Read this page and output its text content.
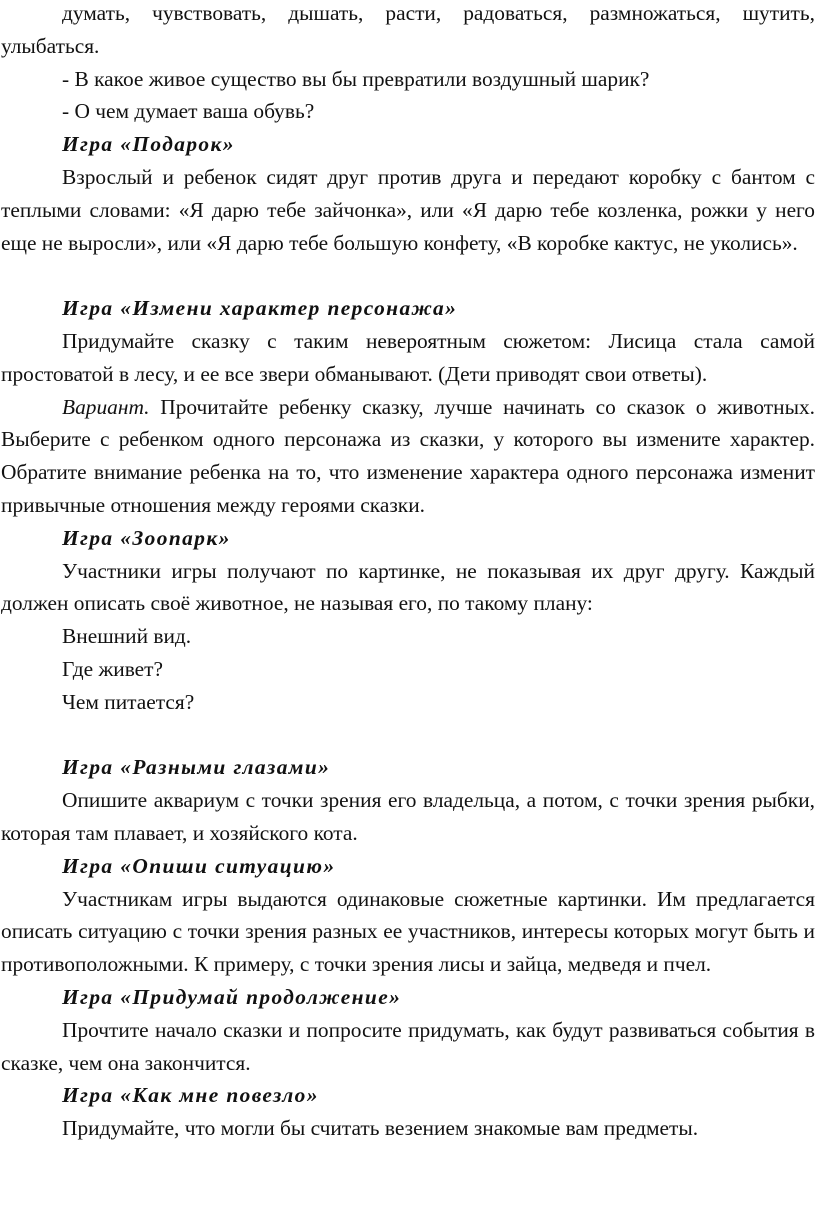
думать, чувствовать, дышать, расти, радоваться, размножаться, шутить, улыбаться.

- В какое живое существо вы бы превратили воздушный шарик?

- О чем думает ваша обувь?

Игра «Подарок»

Взрослый и ребенок сидят друг против друга и передают коробку с бантом с теплыми словами: «Я дарю тебе зайчонка», или «Я дарю тебе козленка, рожки у него еще не выросли», или «Я дарю тебе большую конфету, «В коробке кактус, не уколись».

Игра «Измени характер персонажа»

Придумайте сказку с таким невероятным сюжетом: Лисица стала самой простоватой в лесу, и ее все звери обманывают. (Дети приводят свои ответы).

Вариант. Прочитайте ребенку сказку, лучше начинать со сказок о животных. Выберите с ребенком одного персонажа из сказки, у которого вы измените характер. Обратите внимание ребенка на то, что изменение характера одного персонажа изменит привычные отношения между героями сказки.

Игра «Зоопарк»

Участники игры получают по картинке, не показывая их друг другу. Каждый должен описать своё животное, не называя его, по такому плану:

Внешний вид.

Где живет?

Чем питается?

Игра «Разными глазами»

Опишите аквариум с точки зрения его владельца, а потом, с точки зрения рыбки, которая там плавает, и хозяйского кота.

Игра «Опиши ситуацию»

Участникам игры выдаются одинаковые сюжетные картинки. Им предлагается описать ситуацию с точки зрения разных ее участников, интересы которых могут быть и противоположными. К примеру, с точки зрения лисы и зайца, медведя и пчел.

Игра «Придумай продолжение»

Прочтите начало сказки и попросите придумать, как будут развиваться события в сказке, чем она закончится.

Игра «Как мне повезло»

Придумайте, что могли бы считать везением знакомые вам предметы.
